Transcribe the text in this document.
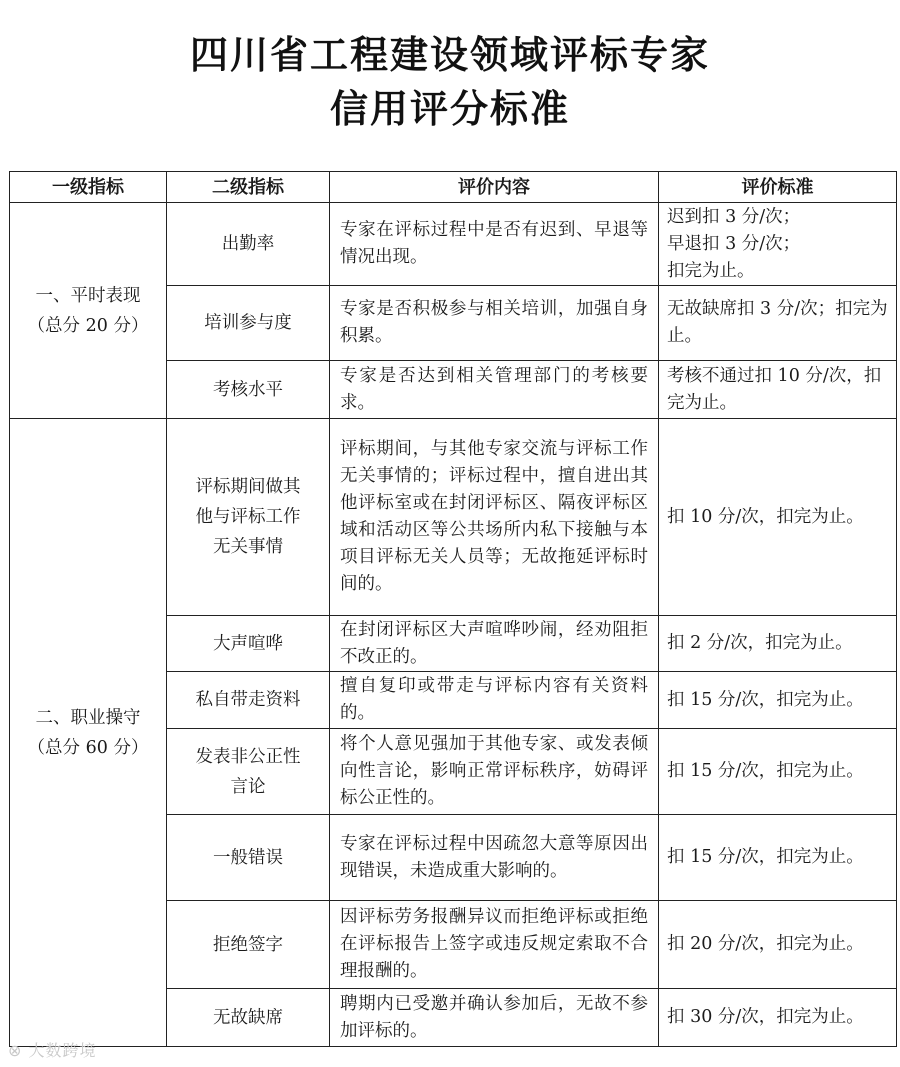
四川省工程建设领域评标专家
信用评分标准
一级指标	二级指标	评价内容	评价标准

一、平时表现
（总分 20 分）	出勤率	专家在评标过程中是否有迟到、早退等情况出现。	迟到扣 3 分/次；
早退扣 3 分/次；
扣完为止。

	培训参与度	专家是否积极参与相关培训，加强自身积累。	无故缺席扣 3 分/次；扣完为止。

	考核水平	专家是否达到相关管理部门的考核要求。	考核不通过扣 10 分/次，扣完为止。

二、职业操守
（总分 60 分）	评标期间做其
他与评标工作
无关事情	评标期间，与其他专家交流与评标工作无关事情的；评标过程中，擅自进出其他评标室或在封闭评标区、隔夜评标区域和活动区等公共场所内私下接触与本项目评标无关人员等；无故拖延评标时间的。	扣 10 分/次，扣完为止。

	大声喧哗	在封闭评标区大声喧哗吵闹，经劝阻拒不改正的。	扣 2 分/次，扣完为止。

	私自带走资料	擅自复印或带走与评标内容有关资料的。	扣 15 分/次，扣完为止。

	发表非公正性
言论	将个人意见强加于其他专家、或发表倾向性言论，影响正常评标秩序，妨碍评标公正性的。	扣 15 分/次，扣完为止。

	一般错误	专家在评标过程中因疏忽大意等原因出现错误，未造成重大影响的。	扣 15 分/次，扣完为止。

	拒绝签字	因评标劳务报酬异议而拒绝评标或拒绝在评标报告上签字或违反规定索取不合理报酬的。	扣 20 分/次，扣完为止。

	无故缺席	聘期内已受邀并确认参加后，无故不参加评标的。	扣 30 分/次，扣完为止。
⊗ 大数跨境
